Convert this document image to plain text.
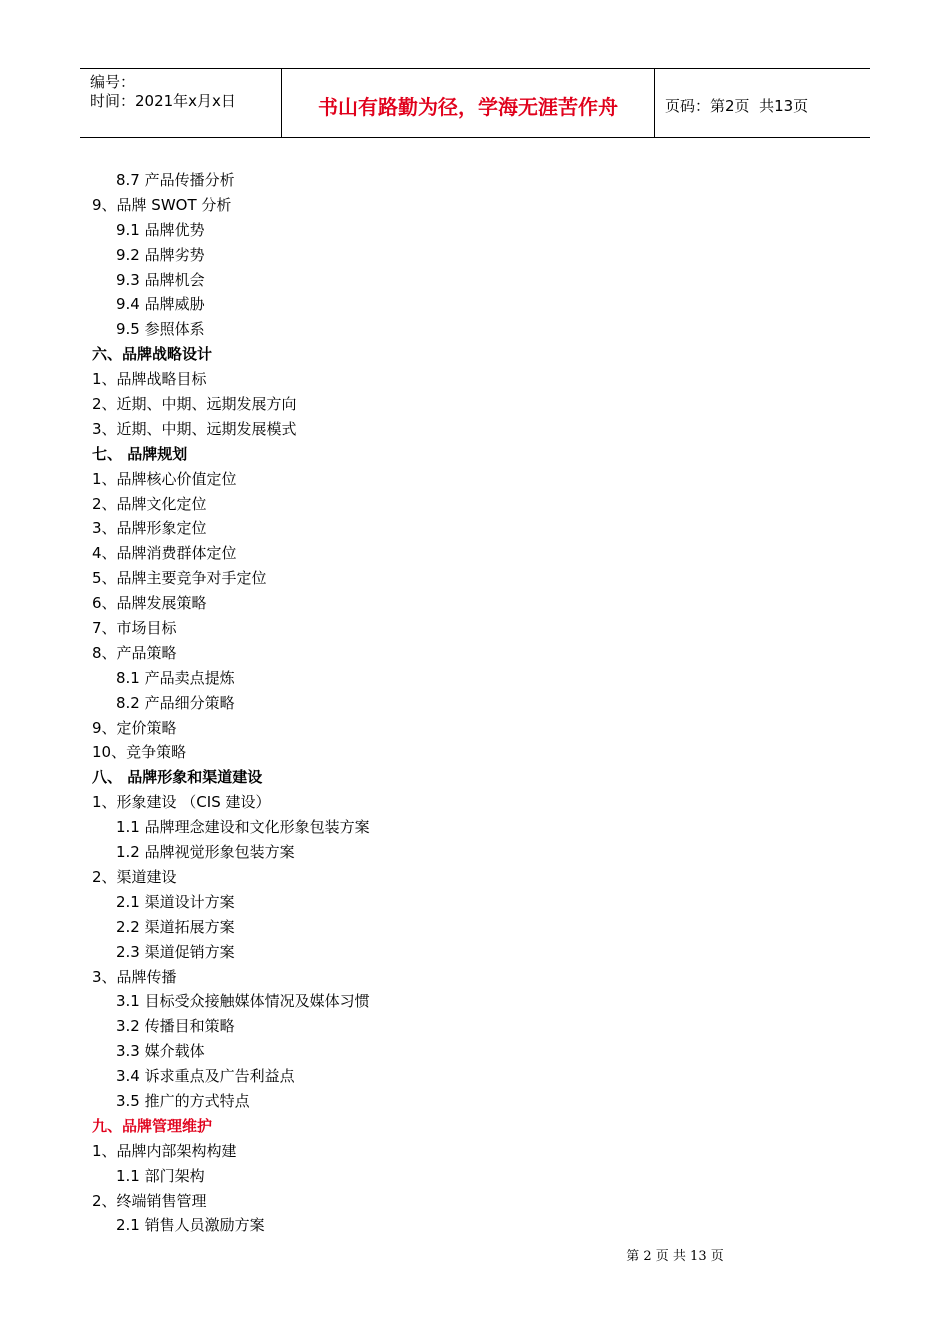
编号：
时间：2021年x月x日	书山有路勤为径，学海无涯苦作舟	页码：第2页  共13页
8.7 产品传播分析
9、品牌 SWOT 分析
9.1 品牌优势
9.2 品牌劣势
9.3 品牌机会
9.4 品牌威胁
9.5 参照体系
六、品牌战略设计
1、品牌战略目标
2、近期、中期、远期发展方向
3、近期、中期、远期发展模式
七、 品牌规划
1、品牌核心价值定位
2、品牌文化定位
3、品牌形象定位
4、品牌消费群体定位
5、品牌主要竞争对手定位
6、品牌发展策略
7、市场目标
8、产品策略
8.1 产品卖点提炼
8.2 产品细分策略
9、定价策略
10、竞争策略
八、 品牌形象和渠道建设
1、形象建设 （CIS 建设）
1.1 品牌理念建设和文化形象包装方案
1.2 品牌视觉形象包装方案
2、渠道建设
2.1 渠道设计方案
2.2 渠道拓展方案
2.3 渠道促销方案
3、品牌传播
3.1 目标受众接触媒体情况及媒体习惯
3.2 传播目和策略
3.3 媒介载体
3.4 诉求重点及广告利益点
3.5 推广的方式特点
九、品牌管理维护
1、品牌内部架构构建
1.1 部门架构
2、终端销售管理
2.1 销售人员激励方案
第 2 页 共 13 页
